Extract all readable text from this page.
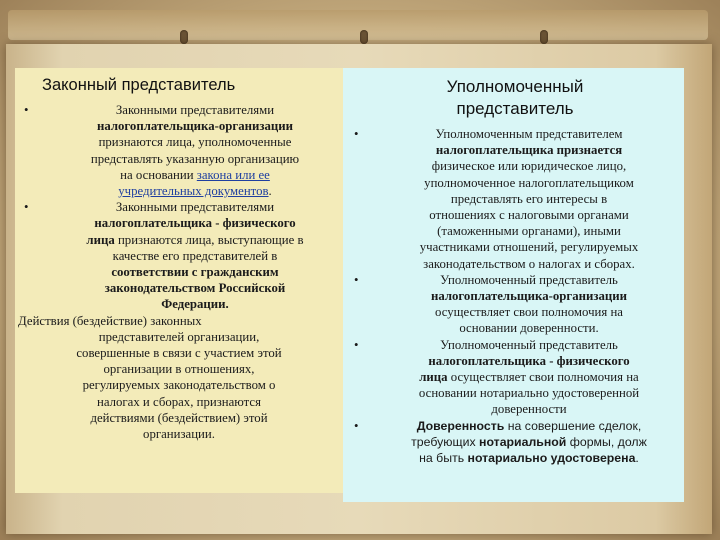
Законный представитель	Уполномоченный
представитель
•	Законными представителями
налогоплательщика-организации
признаются лица, уполномоченные
представлять указанную организацию
на основании закона или ее
учредительных документов.
•	Законными представителями
налогоплательщика - физического
лица признаются лица, выступающие в
качестве его представителей в
соответствии с гражданским
законодательством Российской
Федерации.
Действия (бездействие) законных
представителей организации,
совершенные в связи с участием этой
организации в отношениях,
регулируемых законодательством о
налогах и сборах, признаются
действиями (бездействием) этой
организации.
•	Уполномоченным представителем
налогоплательщика признается
физическое или юридическое лицо,
уполномоченное налогоплательщиком
представлять его интересы в
отношениях с налоговыми органами
(таможенными органами), иными
участниками отношений, регулируемых
законодательством о налогах и сборах.
•	Уполномоченный представитель
налогоплательщика-организации
осуществляет свои полномочия на
основании доверенности.
•	Уполномоченный представитель
налогоплательщика - физического
лица осуществляет свои полномочия на
основании нотариально удостоверенной
доверенности
•	Доверенность на совершение сделок,
требующих нотариальной формы, долж
на быть нотариально удостоверена.
